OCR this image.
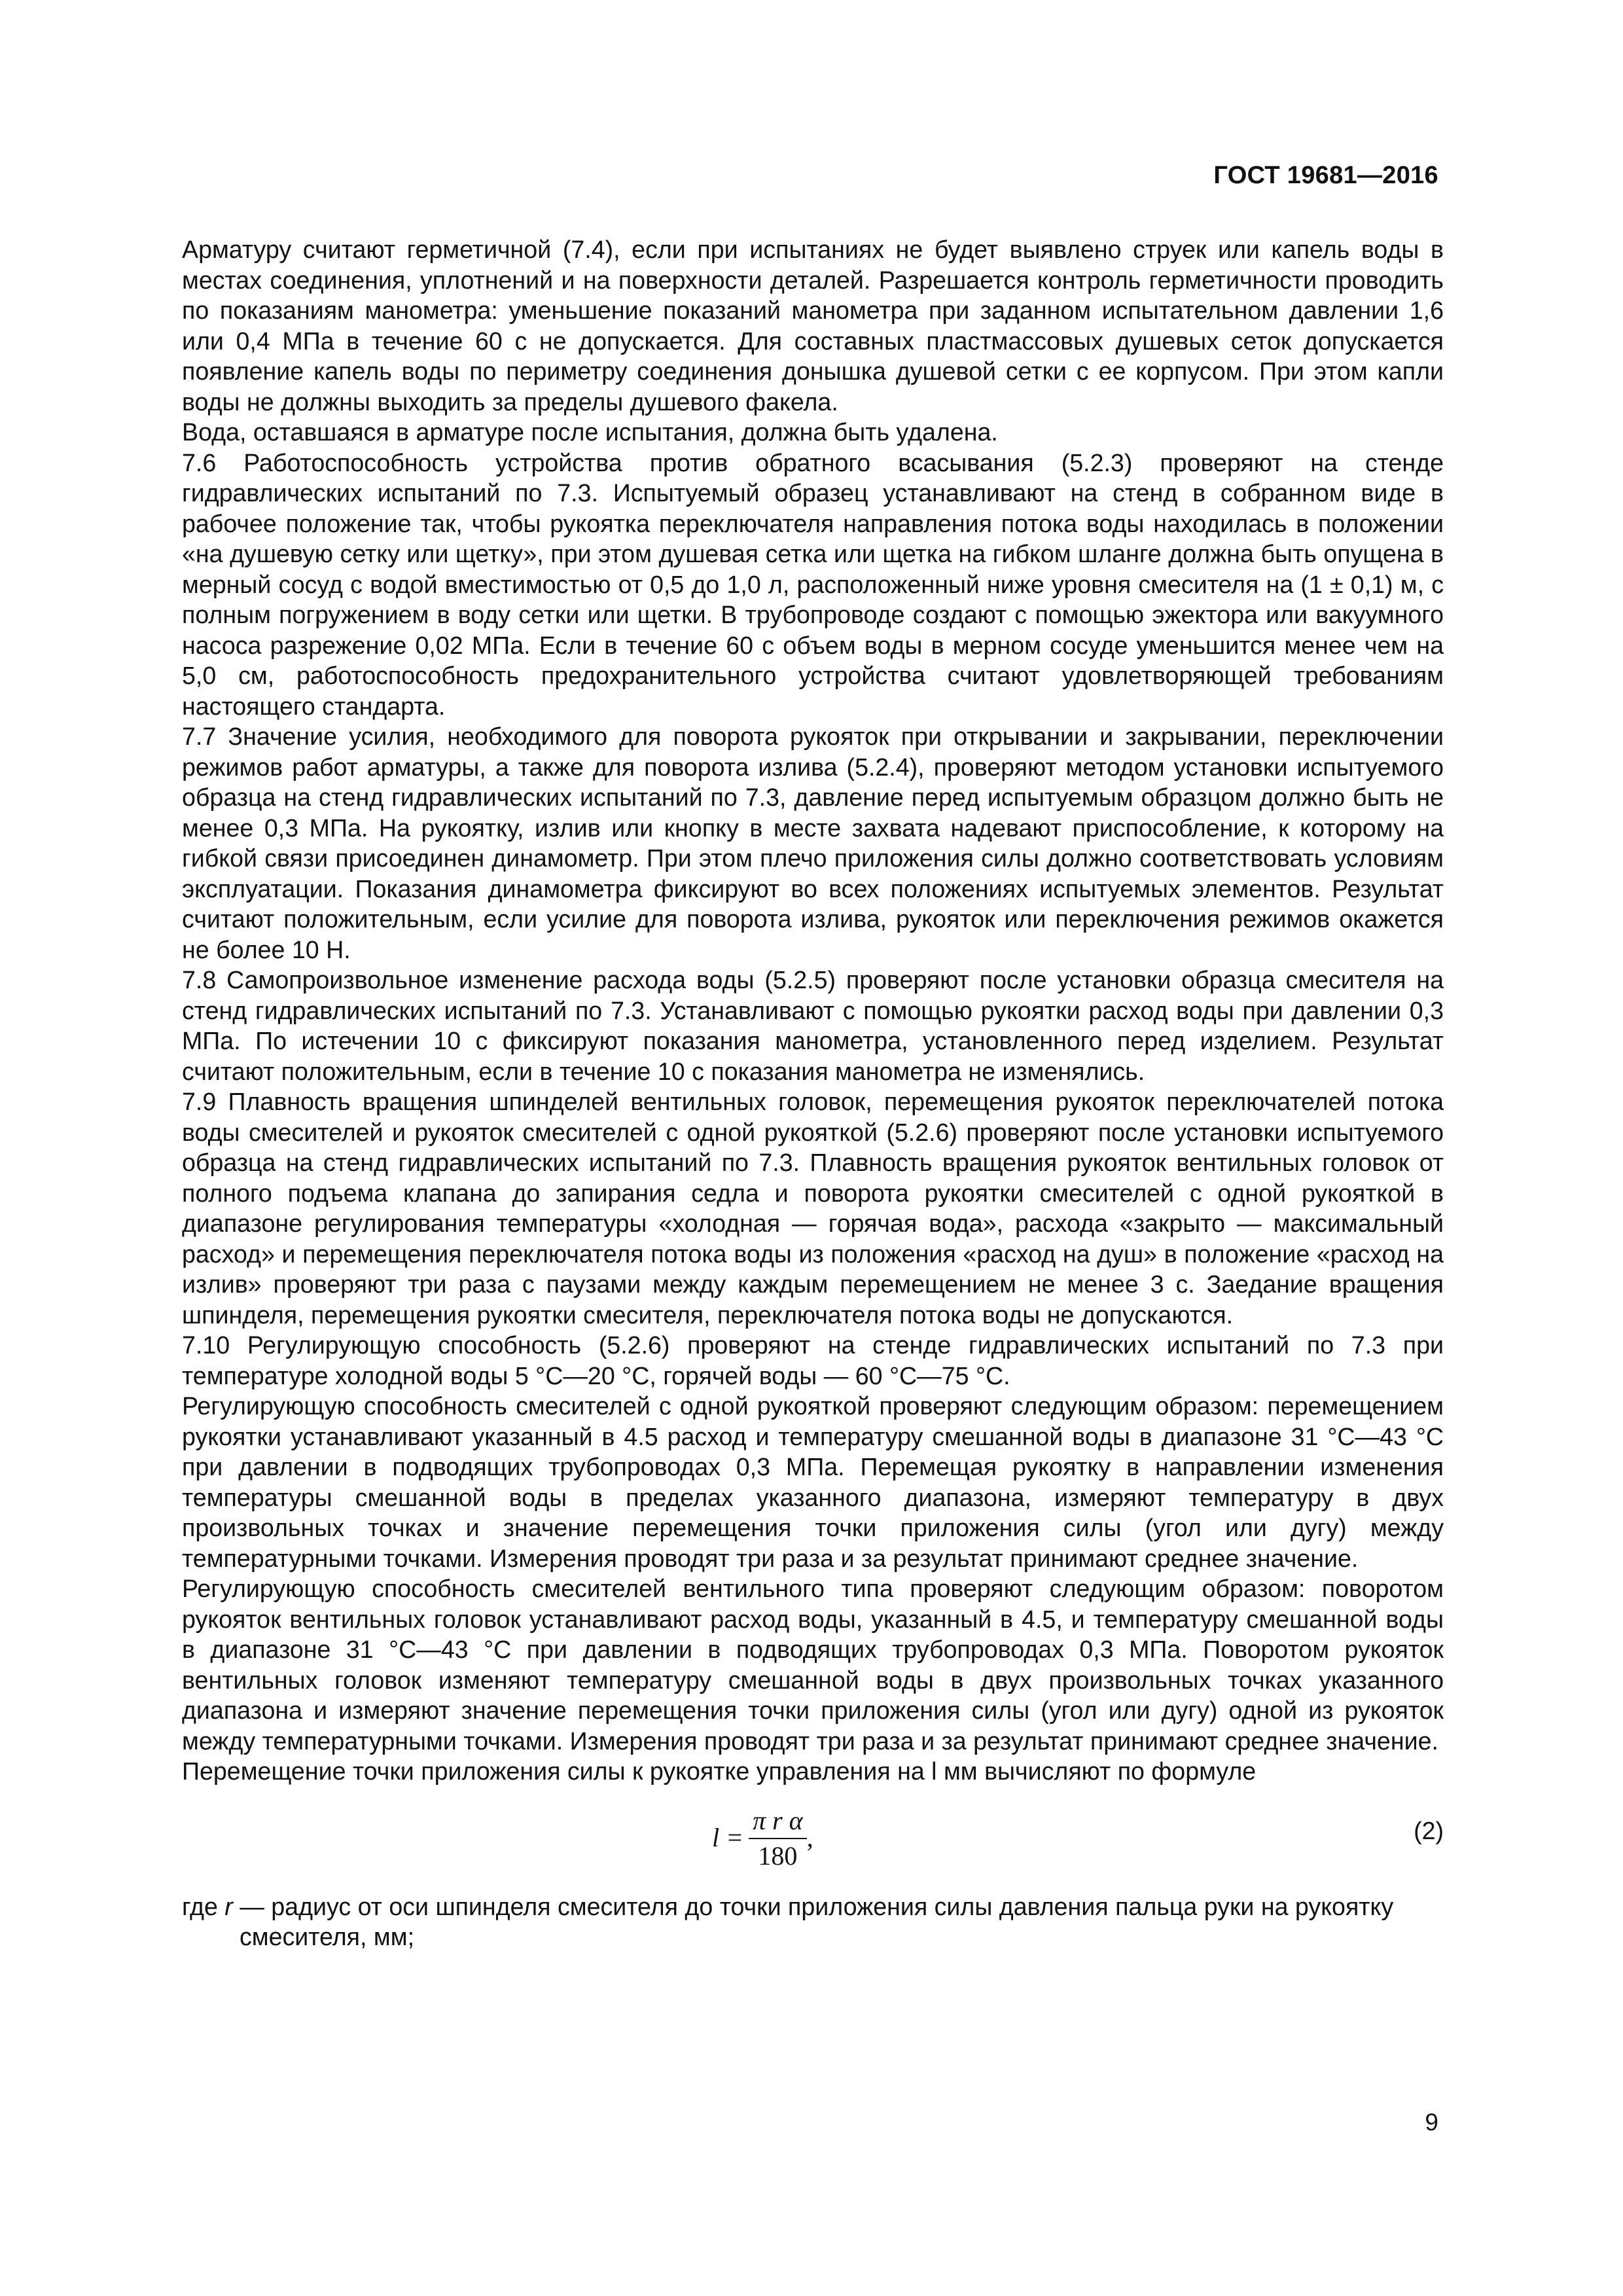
ГОСТ 19681—2016

Арматуру считают герметичной (7.4), если при испытаниях не будет выявлено струек или капель воды в местах соединения, уплотнений и на поверхности деталей. Разрешается контроль герметичности проводить по показаниям манометра: уменьшение показаний манометра при заданном испытательном давлении 1,6 или 0,4 МПа в течение 60 с не допускается. Для составных пластмассовых душевых сеток допускается появление капель воды по периметру соединения донышка душевой сетки с ее корпусом. При этом капли воды не должны выходить за пределы душевого факела.

Вода, оставшаяся в арматуре после испытания, должна быть удалена.

7.6 Работоспособность устройства против обратного всасывания (5.2.3) проверяют на стенде гидравлических испытаний по 7.3. Испытуемый образец устанавливают на стенд в собранном виде в рабочее положение так, чтобы рукоятка переключателя направления потока воды находилась в положении «на душевую сетку или щетку», при этом душевая сетка или щетка на гибком шланге должна быть опущена в мерный сосуд с водой вместимостью от 0,5 до 1,0 л, расположенный ниже уровня смесителя на (1 ± 0,1) м, с полным погружением в воду сетки или щетки. В трубопроводе создают с помощью эжектора или вакуумного насоса разрежение 0,02 МПа. Если в течение 60 с объем воды в мерном сосуде уменьшится менее чем на 5,0 см, работоспособность предохранительного устройства считают удовлетворяющей требованиям настоящего стандарта.

7.7 Значение усилия, необходимого для поворота рукояток при открывании и закрывании, переключении режимов работ арматуры, а также для поворота излива (5.2.4), проверяют методом установки испытуемого образца на стенд гидравлических испытаний по 7.3, давление перед испытуемым образцом должно быть не менее 0,3 МПа. На рукоятку, излив или кнопку в месте захвата надевают приспособление, к которому на гибкой связи присоединен динамометр. При этом плечо приложения силы должно соответствовать условиям эксплуатации. Показания динамометра фиксируют во всех положениях испытуемых элементов. Результат считают положительным, если усилие для поворота излива, рукояток или переключения режимов окажется не более 10 Н.

7.8 Самопроизвольное изменение расхода воды (5.2.5) проверяют после установки образца смесителя на стенд гидравлических испытаний по 7.3. Устанавливают с помощью рукоятки расход воды при давлении 0,3 МПа. По истечении 10 с фиксируют показания манометра, установленного перед изделием. Результат считают положительным, если в течение 10 с показания манометра не изменялись.

7.9 Плавность вращения шпинделей вентильных головок, перемещения рукояток переключателей потока воды смесителей и рукояток смесителей с одной рукояткой (5.2.6) проверяют после установки испытуемого образца на стенд гидравлических испытаний по 7.3. Плавность вращения рукояток вентильных головок от полного подъема клапана до запирания седла и поворота рукоятки смесителей с одной рукояткой в диапазоне регулирования температуры «холодная — горячая вода», расхода «закрыто — максимальный расход» и перемещения переключателя потока воды из положения «расход на душ» в положение «расход на излив» проверяют три раза с паузами между каждым перемещением не менее 3 с. Заедание вращения шпинделя, перемещения рукоятки смесителя, переключателя потока воды не допускаются.

7.10 Регулирующую способность (5.2.6) проверяют на стенде гидравлических испытаний по 7.3 при температуре холодной воды 5 °С—20 °С, горячей воды — 60 °С—75 °С.

Регулирующую способность смесителей с одной рукояткой проверяют следующим образом: перемещением рукоятки устанавливают указанный в 4.5 расход и температуру смешанной воды в диапазоне 31 °С—43 °С при давлении в подводящих трубопроводах 0,3 МПа. Перемещая рукоятку в направлении изменения температуры смешанной воды в пределах указанного диапазона, измеряют температуру в двух произвольных точках и значение перемещения точки приложения силы (угол или дугу) между температурными точками. Измерения проводят три раза и за результат принимают среднее значение.

Регулирующую способность смесителей вентильного типа проверяют следующим образом: поворотом рукояток вентильных головок устанавливают расход воды, указанный в 4.5, и температуру смешанной воды в диапазоне 31 °С—43 °С при давлении в подводящих трубопроводах 0,3 МПа. Поворотом рукояток вентильных головок изменяют температуру смешанной воды в двух произвольных точках указанного диапазона и измеряют значение перемещения точки приложения силы (угол или дугу) одной из рукояток между температурными точками. Измерения проводят три раза и за результат принимают среднее значение.

Перемещение точки приложения силы к рукоятке управления на l мм вычисляют по формуле

$l = \frac{\text{π r α}}{180}$ ,	(2)
где r — радиус от оси шпинделя смесителя до точки приложения силы давления пальца руки на рукоятку
смесителя, мм;
9
